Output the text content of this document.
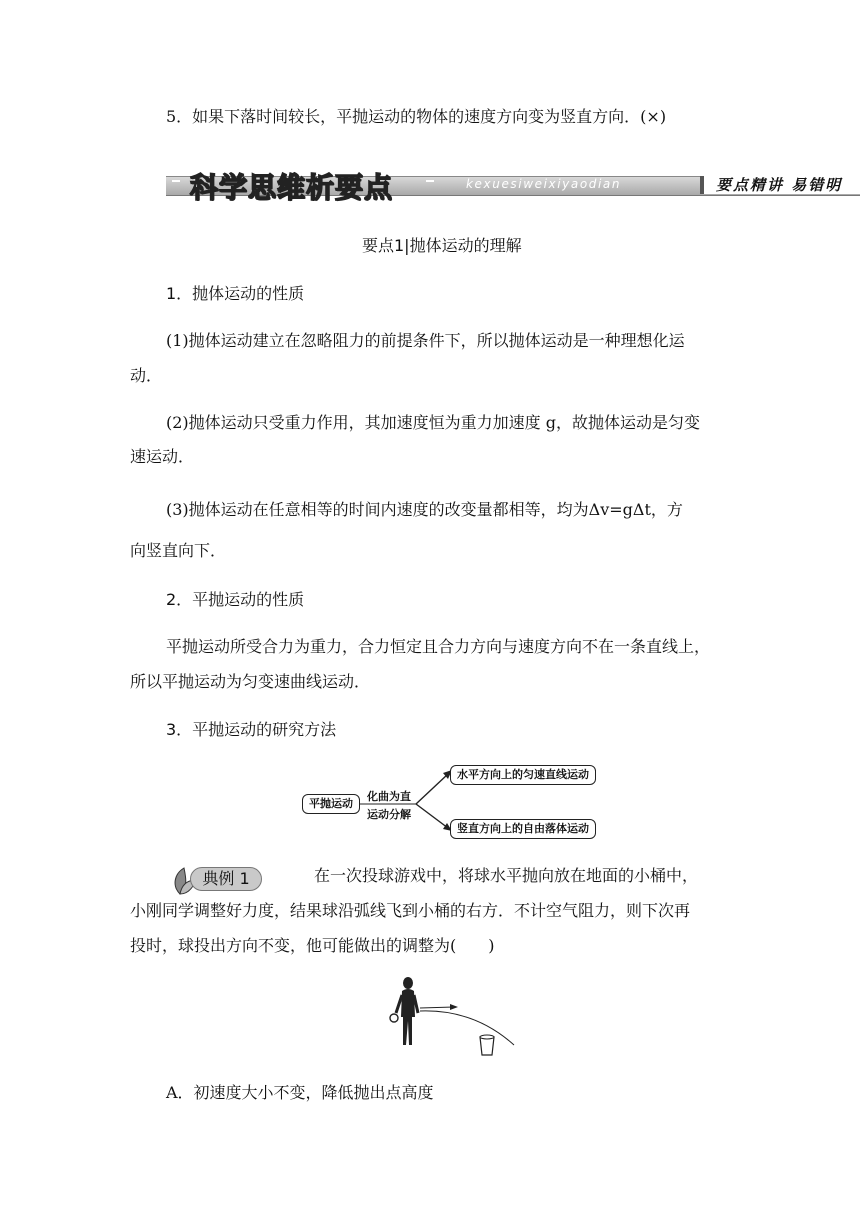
5．如果下落时间较长，平抛运动的物体的速度方向变为竖直方向．(×)
科学思维析要点	kexuesiweixiyaodian	要点精讲 易错明
要点1|抛体运动的理解
1．抛体运动的性质
(1)抛体运动建立在忽略阻力的前提条件下，所以抛体运动是一种理想化运
动．
(2)抛体运动只受重力作用，其加速度恒为重力加速度 g，故抛体运动是匀变
速运动．
(3)抛体运动在任意相等的时间内速度的改变量都相等，均为Δv=gΔt，方
向竖直向下．
2．平抛运动的性质
平抛运动所受合力为重力，合力恒定且合力方向与速度方向不在一条直线上，
所以平抛运动为匀变速曲线运动．
3．平抛运动的研究方法
平抛运动
化曲为直
运动分解
水平方向上的匀速直线运动
竖直方向上的自由落体运动
典例 1	在一次投球游戏中，将球水平抛向放在地面的小桶中，
小刚同学调整好力度，结果球沿弧线飞到小桶的右方．不计空气阻力，则下次再
投时，球投出方向不变，他可能做出的调整为(　　)
A．初速度大小不变，降低抛出点高度
